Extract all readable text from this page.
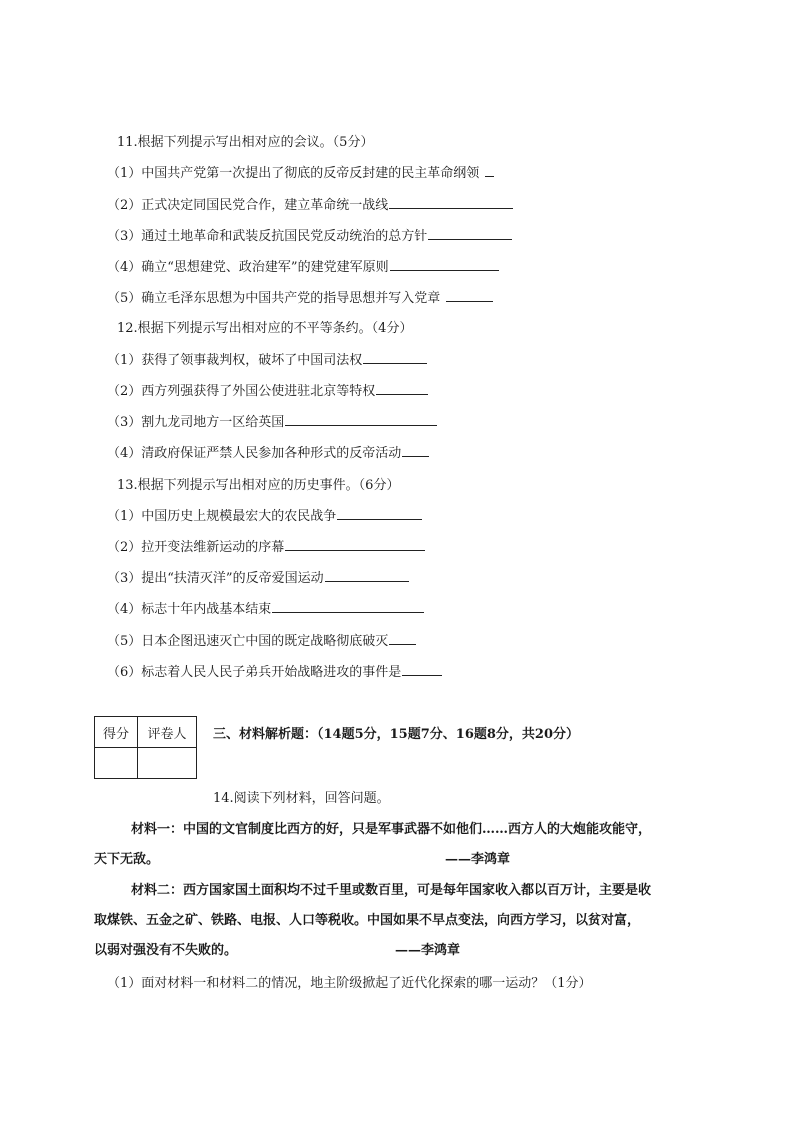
11.根据下列提示写出相对应的会议。（5分）
（1）中国共产党第一次提出了彻底的反帝反封建的民主革命纲领
（2）正式决定同国民党合作，建立革命统一战线
（3）通过土地革命和武装反抗国民党反动统治的总方针
（4）确立“思想建党、政治建军”的建党建军原则
（5）确立毛泽东思想为中国共产党的指导思想并写入党章
12.根据下列提示写出相对应的不平等条约。（4分）
（1）获得了领事裁判权，破坏了中国司法权
（2）西方列强获得了外国公使进驻北京等特权
（3）割九龙司地方一区给英国
（4）清政府保证严禁人民参加各种形式的反帝活动
13.根据下列提示写出相对应的历史事件。（6分）
（1）中国历史上规模最宏大的农民战争
（2）拉开变法维新运动的序幕
（3）提出“扶清灭洋”的反帝爱国运动
（4）标志十年内战基本结束
（5）日本企图迅速灭亡中国的既定战略彻底破灭
（6）标志着人民人民子弟兵开始战略进攻的事件是
得分	评卷人
	三、材料解析题：（14题5分，15题7分、16题8分，共20分）
14.阅读下列材料，回答问题。
材料一：中国的文官制度比西方的好，只是军事武器不如他们……西方人的大炮能攻能守，
天下无敌。	——李鸿章
材料二：西方国家国土面积均不过千里或数百里，可是每年国家收入都以百万计，主要是收
取煤铁、五金之矿、铁路、电报、人口等税收。中国如果不早点变法，向西方学习，以贫对富，
以弱对强没有不失败的。	——李鸿章
（1）面对材料一和材料二的情况，地主阶级掀起了近代化探索的哪一运动？（1分）
